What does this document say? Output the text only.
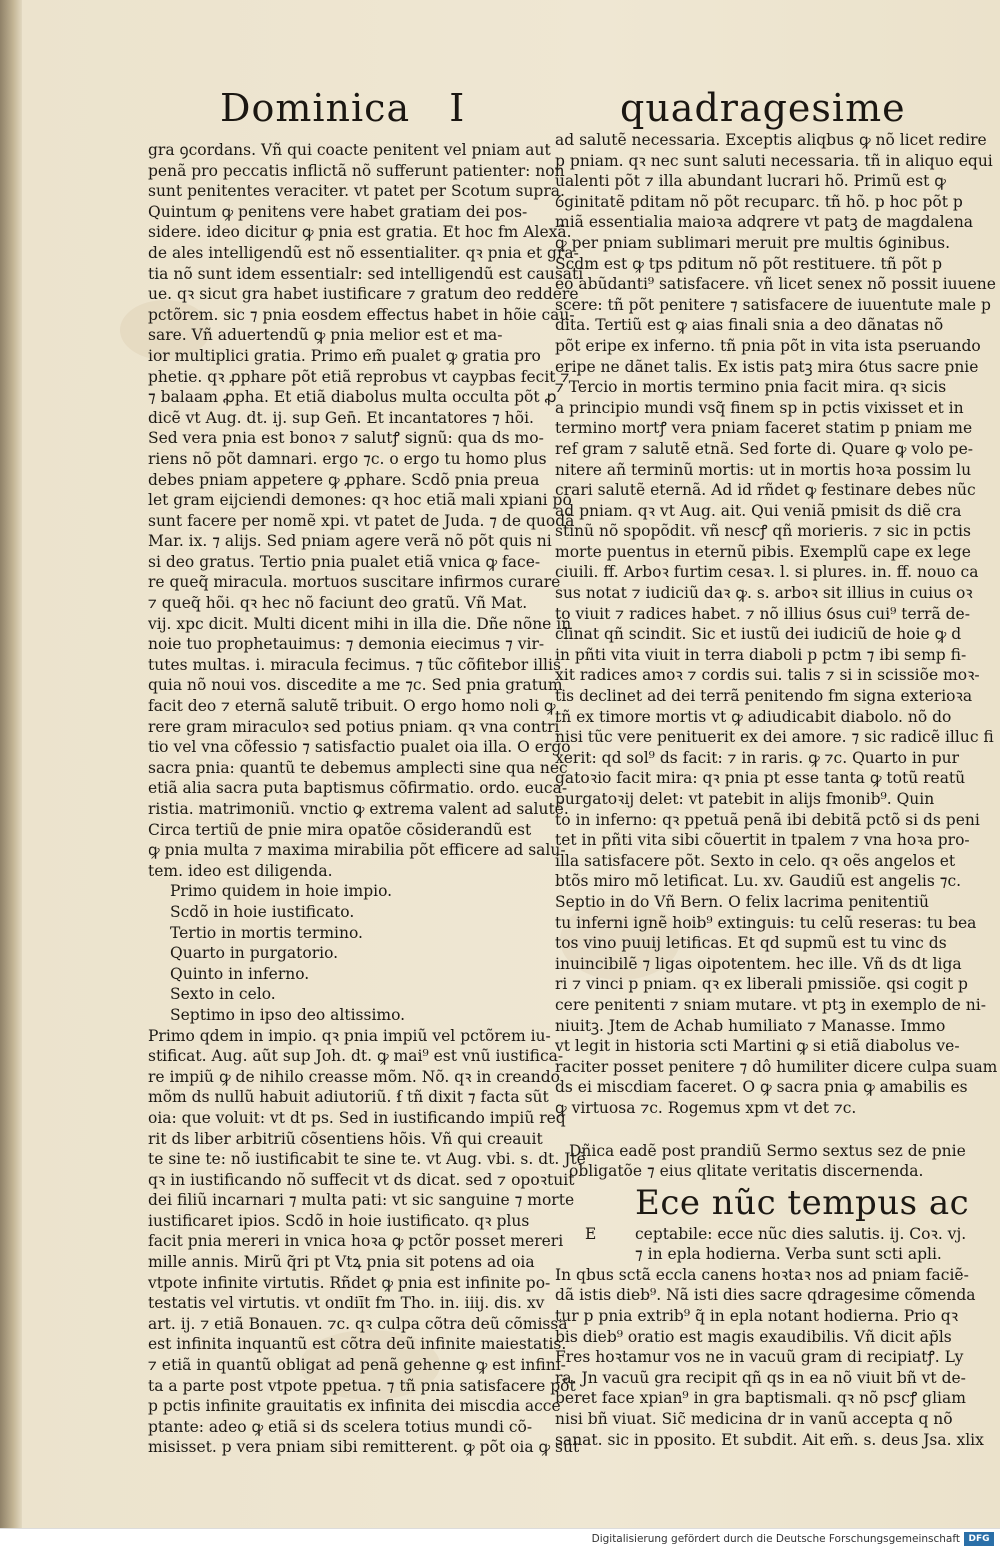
Dominica I	quadragesime
gra ꝯcordans. Vñ qui coacte penitent vel pniam aut
penã pro peccatis inflictã nõ sufferunt patienter: non
sunt penitentes veraciter. vt patet per Scotum supra.
Quintum ꝙ penitens vere habet gratiam dei pos-
sidere. ideo dicitur ꝙ pnia est gratia. Et hoc fm Alexã.
de ales intelligendũ est nõ essentialiter. qꝛ pnia et gra-
tia nõ sunt idem essentialr: sed intelligendũ est causati
ue. qꝛ sicut gra habet iustificare ⁊ gratum deo reddere
pctõrem. sic ⁊ pnia eosdem effectus habet in hõie cau-
sare. Vñ aduertendũ ꝙ pnia melior est et ma-
ior multiplici gratia. Primo em̃ pualet ꝙ gratia pro
phetie. qꝛ ꝓphare põt etiã reprobus vt caypbas fecit ⁊
⁊ balaam ꝓpha. Et etiã diabolus multa occulta põt ꝓ
dicẽ vt Aug. dt. ij. sup Gen̄. Et incantatores ⁊ hõi.
Sed vera pnia est bonoꝛ ⁊ salutꝭ signũ: qua ds mo-
riens nõ põt damnari. ergo ⁊c. o ergo tu homo plus
debes pniam appetere ꝙ ꝓphare. Scdõ pnia preua
let gram eijciendi demones: qꝛ hoc etiã mali xpiani po
sunt facere per nomẽ xpi. vt patet de Juda. ⁊ de quodã
Mar. ix. ⁊ alijs. Sed pniam agere verã nõ põt quis ni
si deo gratus. Tertio pnia pualet etiã vnica ꝙ face-
re queq̃ miracula. mortuos suscitare infirmos curare
⁊ queq̃ hõi. qꝛ hec nõ faciunt deo gratũ. Vñ Mat.
vij. xpc dicit. Multi dicent mihi in illa die. Dñe nõne in
noie tuo prophetauimus: ⁊ demonia eiecimus ⁊ vir-
tutes multas. i. miracula fecimus. ⁊ tũc cõfitebor illis
quia nõ noui vos. discedite a me ⁊c. Sed pnia gratum
facit deo ⁊ eternã salutẽ tribuit. O ergo homo noli ꝙ
rere gram miraculoꝛ sed potius pniam. qꝛ vna contri
tio vel vna cõfessio ⁊ satisfactio pualet oia illa. O ergo
sacra pnia: quantũ te debemus amplecti sine qua nec
etiã alia sacra puta baptismus cõfirmatio. ordo. euca-
ristia. matrimoniũ. vnctio ꝙ extrema valent ad salutẽ.
Circa tertiũ de pnie mira opatõe cõsiderandũ est
ꝙ pnia multa ⁊ maxima mirabilia põt efficere ad salu-
tem. ideo est diligenda.
Primo quidem in hoie impio.
Scdõ in hoie iustificato.
Tertio in mortis termino.
Quarto in purgatorio.
Quinto in inferno.
Sexto in celo.
Septimo in ipso deo altissimo.
Primo qdem in impio. qꝛ pnia impiũ vel pctõrem iu-
stificat. Aug. aũt sup Joh. dt. ꝙ mai⁹ est vnũ iustifica-
re impiũ ꝙ de nihilo creasse mõm. Nõ. qꝛ in creando
mõm ds nullũ habuit adiutoriũ. ẜ tñ dixit ⁊ facta sũt
oia: que voluit: vt dt ps. Sed in iustificando impiũ req
rit ds liber arbitriũ cõsentiens hõis. Vñ qui creauit
te sine te: nõ iustificabit te sine te. vt Aug. vbi. s. dt. Jtẽ
qꝛ in iustificando nõ suffecit vt ds dicat. sed ⁊ opoꝛtuit
dei filiũ incarnari ⁊ multa pati: vt sic sanguine ⁊ morte
iustificaret ipios. Scdõ in hoie iustificato. qꝛ plus
facit pnia mereri in vnica hoꝛa ꝙ pctõr posset mereri
mille annis. Mirũ q̃ri pt Vtꝝ pnia sit potens ad oia
vtpote infinite virtutis. Rñdet ꝙ pnia est infinite po-
testatis vel virtutis. vt ondiīt fm Tho. in. iiij. dis. xv
art. ij. ⁊ etiã Bonauen. ⁊c. qꝛ culpa cõtra deũ cõmissa
est infinita inquantũ est cõtra deũ infinite maiestatis.
⁊ etiã in quantũ obligat ad penã gehenne ꝙ est infini-
ta a parte post vtpote ppetua. ⁊ tñ pnia satisfacere põt
p pctis infinite grauitatis ex infinita dei miscdia acce
ptante: adeo ꝙ etiã si ds scelera totius mundi cõ-
misisset. p vera pniam sibi remitterent. ꝙ põt oia ꝙ sũt
ad salutẽ necessaria. Exceptis aliqbus ꝙ nõ licet redire
p pniam. qꝛ nec sunt saluti necessaria. tñ in aliquo equi
ualenti põt ⁊ illa abundant lucrari hõ. Primũ est ꝙ
ỽginitatẽ pditam nõ põt recuparc. tñ hõ. p hoc põt p
miã essentialia maioꝛa adqrere vt patꝫ de magdalena
ꝙ per pniam sublimari meruit pre multis ỽginibus.
Scdm est ꝙ tps pditum nõ põt restituere. tñ põt p
eo abũdanti⁹ satisfacere. vñ licet senex nõ possit iuuene
scere: tñ põt penitere ⁊ satisfacere de iuuentute male p
dita. Tertiũ est ꝙ aias finali snia a deo dãnatas nõ
põt eripe ex inferno. tñ pnia põt in vita ista pseruando
eripe ne dãnet talis. Ex istis patꝫ mira ỽtus sacre pnie
⁊ Tercio in mortis termino pnia facit mira. qꝛ sicis
a principio mundi vsq̃ finem sp in pctis vixisset et in
termino mortꝭ vera pniam faceret statim p pniam me
ref gram ⁊ salutẽ etnã. Sed forte di. Quare ꝙ volo pe-
nitere añ terminũ mortis: ut in mortis hoꝛa possim lu
crari salutẽ eternã. Ad id rñdet ꝙ festinare debes nũc
ad pniam. qꝛ vt Aug. ait. Qui veniã pmisit ds diẽ cra
stinũ nõ spopõdit. vñ nescꝭ qñ morieris. ⁊ sic in pctis
morte puentus in eternũ pibis. Exemplũ cape ex lege
ciuili. ff. Arboꝛ furtim cesaꝛ. l. si plures. in. ff. nouo ca
sus notat ⁊ iudiciũ daꝛ ꝙ. s. arboꝛ sit illius in cuius oꝛ
to viuit ⁊ radices habet. ⁊ nõ illius ỽsus cui⁹ terrã de-
clinat qñ scindit. Sic et iustũ dei iudiciũ de hoie ꝙ d
in pñti vita viuit in terra diaboli p pctm ⁊ ibi semp fi-
xit radices amoꝛ ⁊ cordis sui. talis ⁊ si in scissiõe moꝛ-
tis declinet ad dei terrã penitendo fm signa exterioꝛa
tñ ex timore mortis vt ꝙ adiudicabit diabolo. nõ do
nisi tũc vere penituerit ex dei amore. ⁊ sic radicẽ illuc fi
xerit: qd sol⁹ ds facit: ⁊ in raris. ꝙ ⁊c. Quarto in pur
gatoꝛio facit mira: qꝛ pnia pt esse tanta ꝙ totũ reatũ
purgatoꝛij delet: vt patebit in alijs fmonib⁹. Quin
to in inferno: qꝛ ppetuã penã ibi debitã pctõ si ds peni
tet in pñti vita sibi cõuertit in tpalem ⁊ vna hoꝛa pro-
illa satisfacere põt. Sexto in celo. qꝛ oẽs angelos et
btõs miro mõ letificat. Lu. xv. Gaudiũ est angelis ⁊c.
Septio in do Vñ Bern. O felix lacrima penitentiũ
tu inferni ignẽ hoib⁹ extinguis: tu celũ reseras: tu bea
tos vino puuij letificas. Et qd supmũ est tu vinc ds
inuincibilẽ ⁊ ligas oipotentem. hec ille. Vñ ds dt liga
ri ⁊ vinci p pniam. qꝛ ex liberali pmissiõe. qsi cogit p
cere penitenti ⁊ sniam mutare. vt ptꝫ in exemplo de ni-
niuitꝫ. Jtem de Achab humiliato ⁊ Manasse. Immo
vt legit in historia scti Martini ꝙ si etiã diabolus ve-
raciter posset penitere ⁊ dô humiliter dicere culpa suam
ds ei miscdiam faceret. O ꝙ sacra pnia ꝙ amabilis es
ꝙ virtuosa ⁊c. Rogemus xpm vt det ⁊c.
Dñica eadẽ post prandiũ Sermo sextus sez de pnie
obligatõe ⁊ eius qlitate veritatis discernenda.
Ece nũc tempus ac
E ceptabile: ecce nũc dies salutis. ij. Coꝛ. vj.
⁊ in epla hodierna. Verba sunt scti apli.
In qbus sctã eccla canens hoꝛtaꝛ nos ad pniam faciẽ-
dã istis dieb⁹. Nã isti dies sacre qdragesime cõmenda
tur p pnia extrib⁹ q̃ in epla notant hodierna. Prio qꝛ
bis dieb⁹ oratio est magis exaudibilis. Vñ dicit ap̃ls
Fres hoꝛtamur vos ne in vacuũ gram di recipiatꝭ. Ly
ra. Jn vacuũ gra recipit qñ qs in ea nõ viuit bñ vt de-
beret face xpian⁹ in gra baptismali. qꝛ nõ pscꝭ gliam
nisi bñ viuat. Sic̃ medicina dr in vanũ accepta q nõ
sanat. sic in pposito. Et subdit. Ait em̃. s. deus Jsa. xlix
Digitalisierung gefördert durch die Deutsche Forschungsgemeinschaft DFG
